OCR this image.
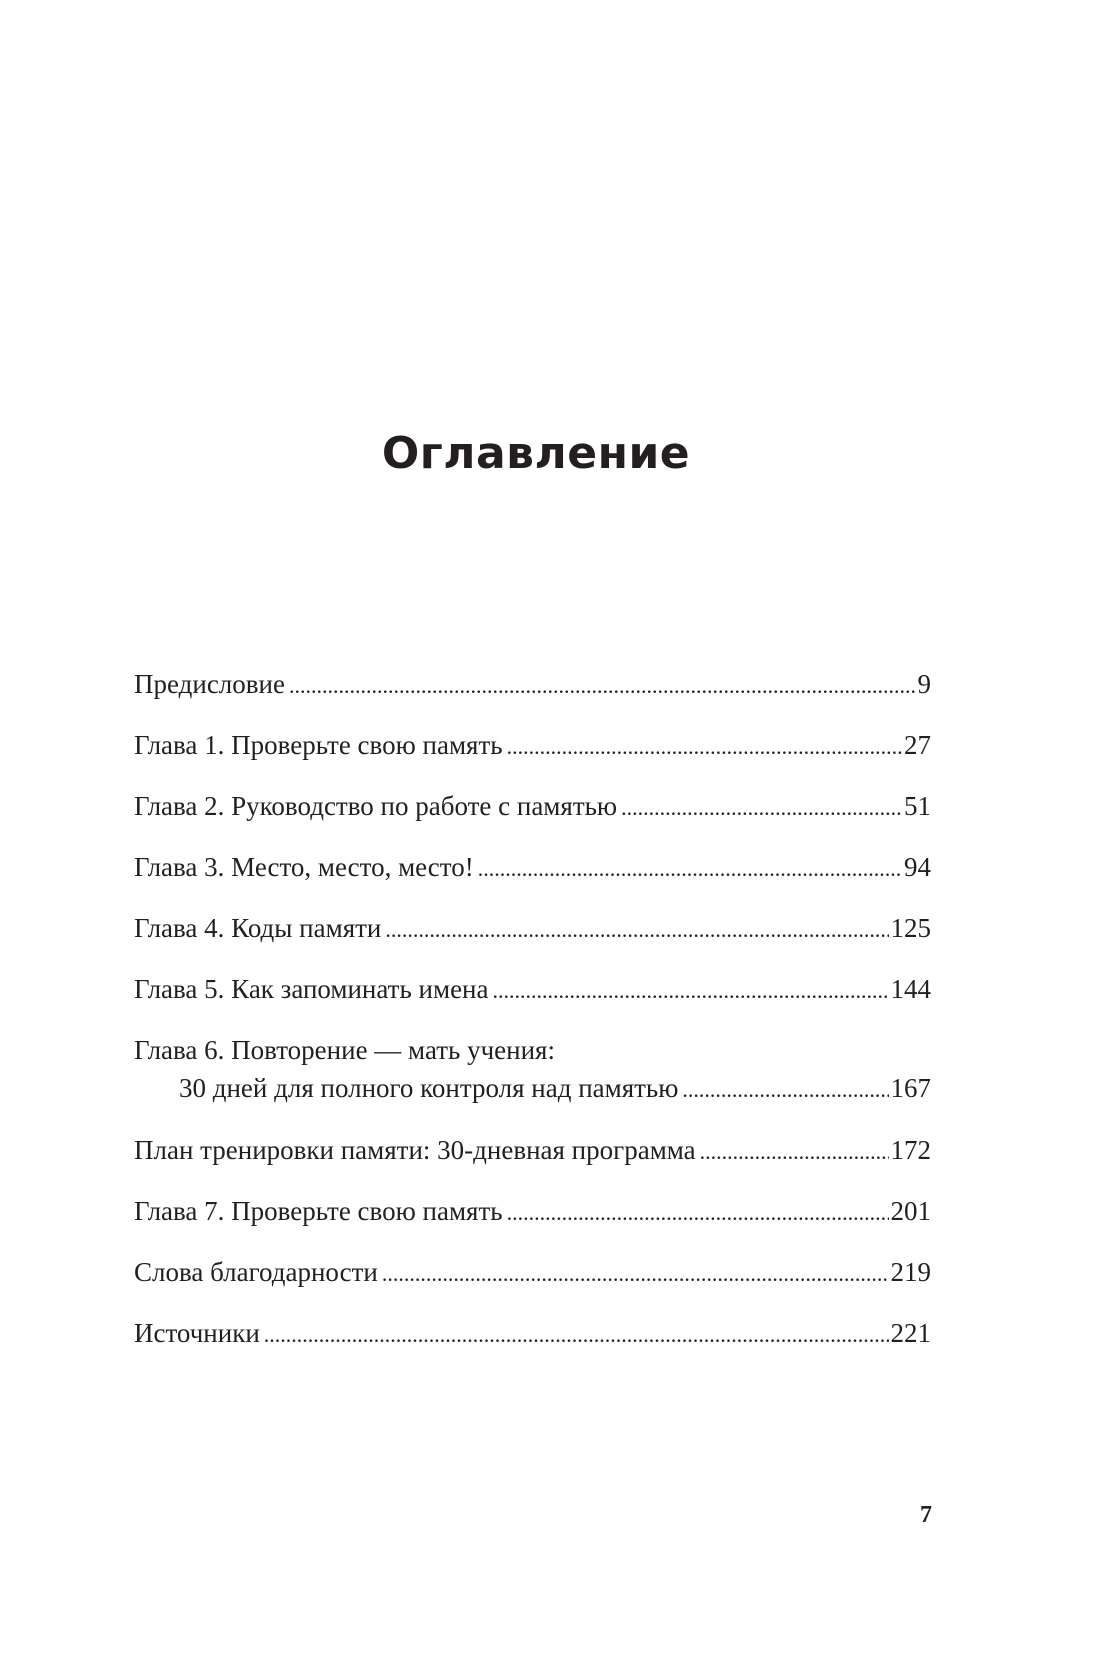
Оглавление
Предисловие .....	9
Глава 1. Проверьте свою память .....	27
Глава 2. Руководство по работе с памятью .....	51
Глава 3. Место, место, место! .....	94
Глава 4. Коды памяти .....	125
Глава 5. Как запоминать имена .....	144
Глава 6. Повторение — мать учения:
30 дней для полного контроля над памятью .....	167
План тренировки памяти: 30-дневная программа .....	172
Глава 7. Проверьте свою память .....	201
Слова благодарности .....	219
Источники .....	221
7
